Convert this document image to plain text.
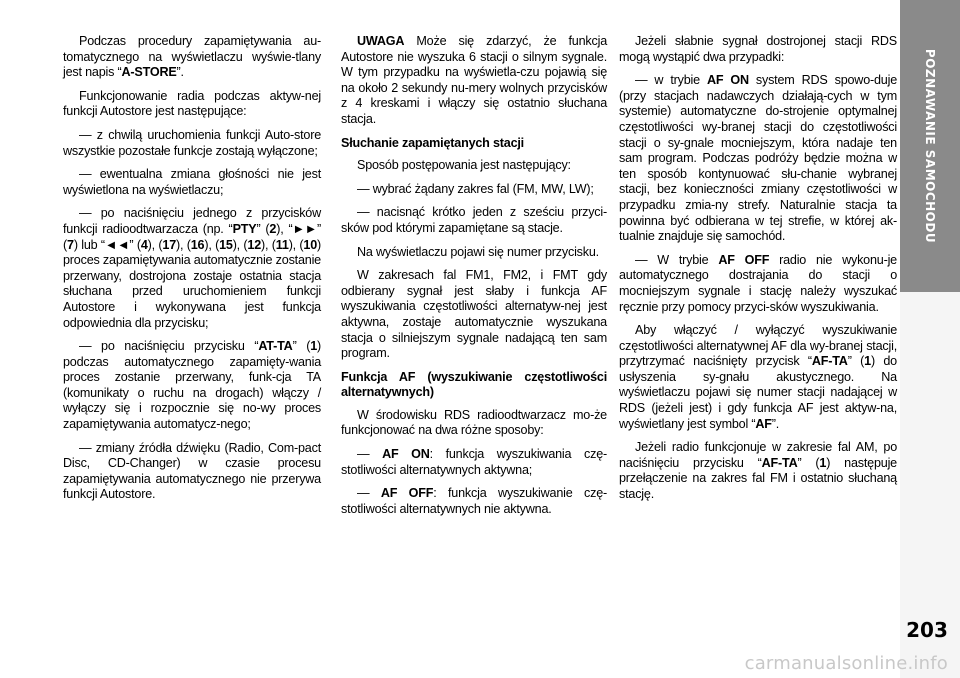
Podczas procedury zapamiętywania au-tomatycznego na wyświetlaczu wyświe-tlany jest napis “A-STORE”.

Funkcjonowanie radia podczas aktyw-nej funkcji Autostore jest następujące:

— z chwilą uruchomienia funkcji Auto-store wszystkie pozostałe funkcje zostają wyłączone;

— ewentualna zmiana głośności nie jest wyświetlona na wyświetlaczu;

— po naciśnięciu jednego z przycisków funkcji radioodtwarzacza (np. “PTY” (2), “►►” (7) lub “◄◄” (4), (17), (16), (15), (12), (11), (10) proces zapamiętywania automatycznie zostanie przerwany, dostrojona zostaje ostatnia stacja słuchana przed uruchomieniem funkcji Autostore i wykonywana jest funkcja odpowiednia dla przycisku;

— po naciśnięciu przycisku “AT-TA” (1) podczas automatycznego zapamięty-wania proces zostanie przerwany, funk-cja TA (komunikaty o ruchu na drogach) włączy / wyłączy się i rozpocznie się no-wy proces zapamiętywania automatycz-nego;

— zmiany źródła dźwięku (Radio, Com-pact Disc, CD-Changer) w czasie procesu zapamiętywania automatycznego nie przerywa funkcji Autostore.

UWAGA Może się zdarzyć, że funkcja Autostore nie wyszuka 6 stacji o silnym sygnale. W tym przypadku na wyświetla-czu pojawią się na około 2 sekundy nu-mery wolnych przycisków z 4 kreskami i włączy się ostatnio słuchana stacja.

Słuchanie zapamiętanych stacji

Sposób postępowania jest następujący:

— wybrać żądany zakres fal (FM, MW, LW);

— nacisnąć krótko jeden z sześciu przyci-sków pod którymi zapamiętane są stacje.

Na wyświetlaczu pojawi się numer przycisku.

W zakresach fal FM1, FM2, i FMT gdy odbierany sygnał jest słaby i funkcja AF wyszukiwania częstotliwości alternatyw-nej jest aktywna, zostaje automatycznie wyszukana stacja o silniejszym sygnale nadającą ten sam program.

Funkcja AF (wyszukiwanie częstotliwości alternatywnych)

W środowisku RDS radioodtwarzacz mo-że funkcjonować na dwa różne sposoby:

— AF ON: funkcja wyszukiwania czę-stotliwości alternatywnych aktywna;

— AF OFF: funkcja wyszukiwanie czę-stotliwości alternatywnych nie aktywna.

Jeżeli słabnie sygnał dostrojonej stacji RDS mogą wystąpić dwa przypadki:

— w trybie AF ON system RDS spowo-duje (przy stacjach nadawczych działają-cych w tym systemie) automatyczne do-strojenie optymalnej częstotliwości wy-branej stacji do częstotliwości stacji o sy-gnale mocniejszym, która nadaje ten sam program. Podczas podróży będzie można w ten sposób kontynuować słu-chanie wybranej stacji, bez konieczności zmiany częstotliwości w przypadku zmia-ny strefy. Naturalnie stacja ta powinna być odbierana w tej strefie, w której ak-tualnie znajduje się samochód.

— W trybie AF OFF radio nie wykonu-je automatycznego dostrajania do stacji o mocniejszym sygnale i stację należy wyszukać ręcznie przy pomocy przyci-sków wyszukiwania.

Aby włączyć / wyłączyć wyszukiwanie częstotliwości alternatywnej AF dla wy-branej stacji, przytrzymać naciśnięty przycisk “AF-TA” (1) do usłyszenia sy-gnału akustycznego. Na wyświetlaczu pojawi się numer stacji nadającej w RDS (jeżeli jest) i gdy funkcja AF jest aktyw-na, wyświetlany jest symbol “AF”.

Jeżeli radio funkcjonuje w zakresie fal AM, po naciśnięciu przycisku “AF-TA” (1) następuje przełączenie na zakres fal FM i ostatnio słuchaną stację.

POZNAWANIE SAMOCHODU
203
carmanualsonline.info
